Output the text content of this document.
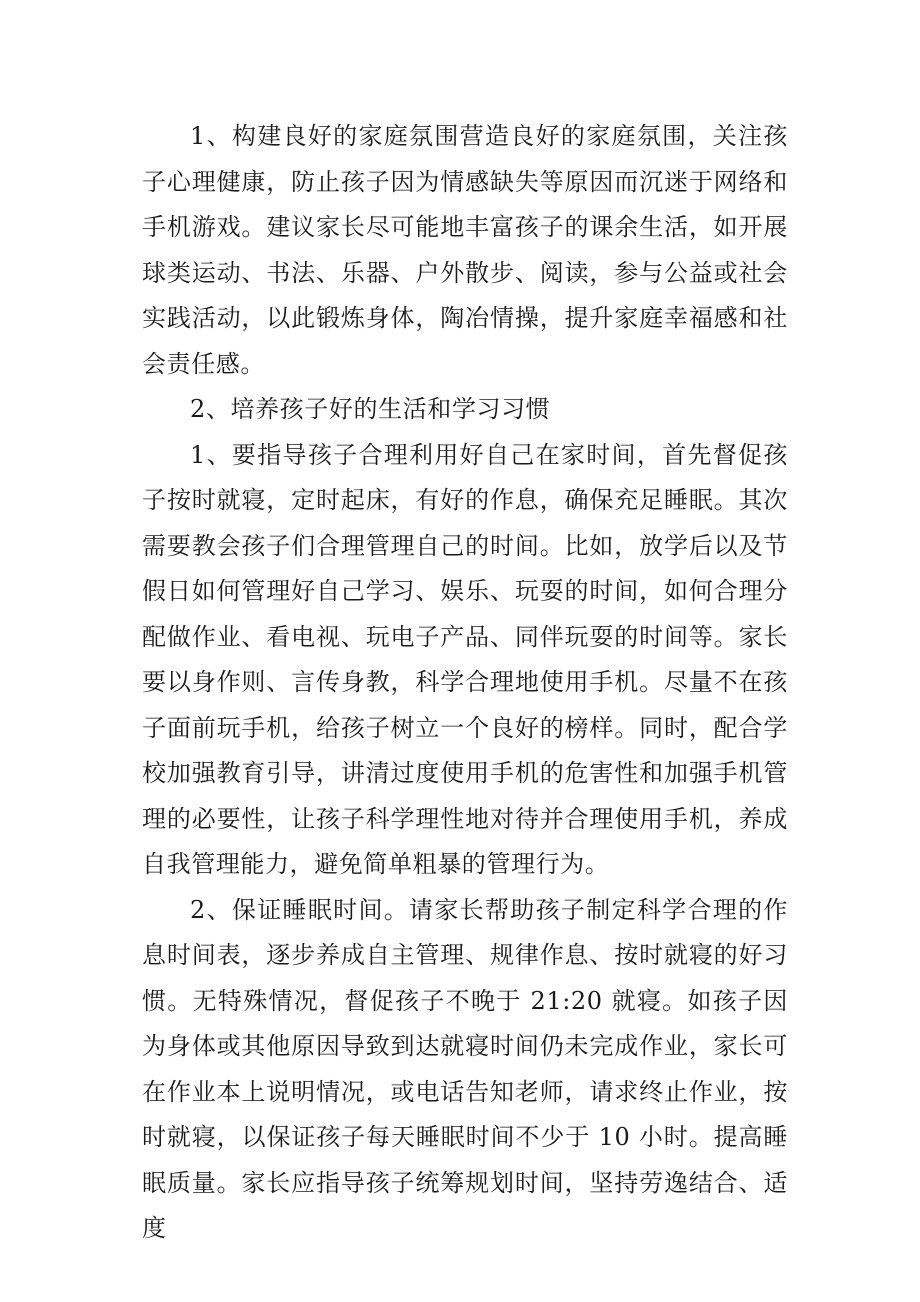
1、构建良好的家庭氛围营造良好的家庭氛围，关注孩子心理健康，防止孩子因为情感缺失等原因而沉迷于网络和手机游戏。建议家长尽可能地丰富孩子的课余生活，如开展球类运动、书法、乐器、户外散步、阅读，参与公益或社会实践活动，以此锻炼身体，陶冶情操，提升家庭幸福感和社会责任感。

2、培养孩子好的生活和学习习惯

1、要指导孩子合理利用好自己在家时间，首先督促孩子按时就寝，定时起床，有好的作息，确保充足睡眠。其次需要教会孩子们合理管理自己的时间。比如，放学后以及节假日如何管理好自己学习、娱乐、玩耍的时间，如何合理分配做作业、看电视、玩电子产品、同伴玩耍的时间等。家长要以身作则、言传身教，科学合理地使用手机。尽量不在孩子面前玩手机，给孩子树立一个良好的榜样。同时，配合学校加强教育引导，讲清过度使用手机的危害性和加强手机管理的必要性，让孩子科学理性地对待并合理使用手机，养成自我管理能力，避免简单粗暴的管理行为。

2、保证睡眠时间。请家长帮助孩子制定科学合理的作息时间表，逐步养成自主管理、规律作息、按时就寝的好习惯。无特殊情况，督促孩子不晚于 21:20 就寝。如孩子因为身体或其他原因导致到达就寝时间仍未完成作业，家长可在作业本上说明情况，或电话告知老师，请求终止作业，按时就寝，以保证孩子每天睡眠时间不少于 10 小时。提高睡眠质量。家长应指导孩子统筹规划时间，坚持劳逸结合、适度
